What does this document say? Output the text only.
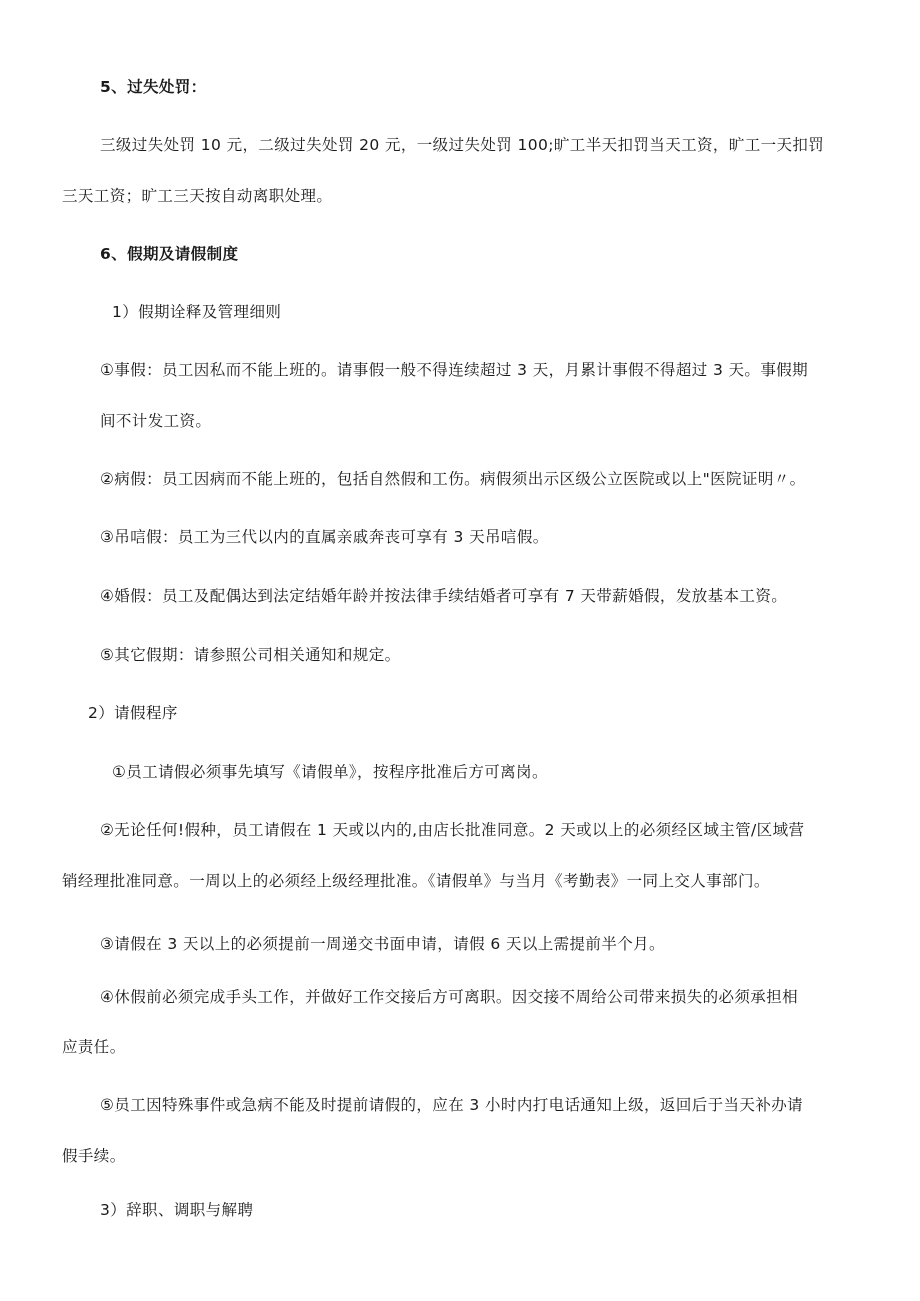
5、过失处罚：
三级过失处罚 10 元，二级过失处罚 20 元，一级过失处罚 100;旷工半天扣罚当天工资，旷工一天扣罚
三天工资；旷工三天按自动离职处理。
6、假期及请假制度
1）假期诠释及管理细则
①事假：员工因私而不能上班的。请事假一般不得连续超过 3 天，月累计事假不得超过 3 天。事假期
间不计发工资。
②病假：员工因病而不能上班的，包括自然假和工伤。病假须出示区级公立医院或以上"医院证明〃。
③吊唁假：员工为三代以内的直属亲戚奔丧可享有 3 天吊唁假。
④婚假：员工及配偶达到法定结婚年龄并按法律手续结婚者可享有 7 天带薪婚假，发放基本工资。
⑤其它假期：请参照公司相关通知和规定。
2）请假程序
①员工请假必须事先填写《请假单》，按程序批准后方可离岗。
②无论任何!假种，员工请假在 1 天或以内的,由店长批准同意。2 天或以上的必须经区域主管/区域营
销经理批准同意。一周以上的必须经上级经理批准。《请假单》与当月《考勤表》一同上交人事部门。
③请假在 3 天以上的必须提前一周递交书面申请，请假 6 天以上需提前半个月。
④休假前必须完成手头工作，并做好工作交接后方可离职。因交接不周给公司带来损失的必须承担相
应责任。
⑤员工因特殊事件或急病不能及时提前请假的，应在 3 小时内打电话通知上级，返回后于当天补办请
假手续。
3）辞职、调职与解聘
